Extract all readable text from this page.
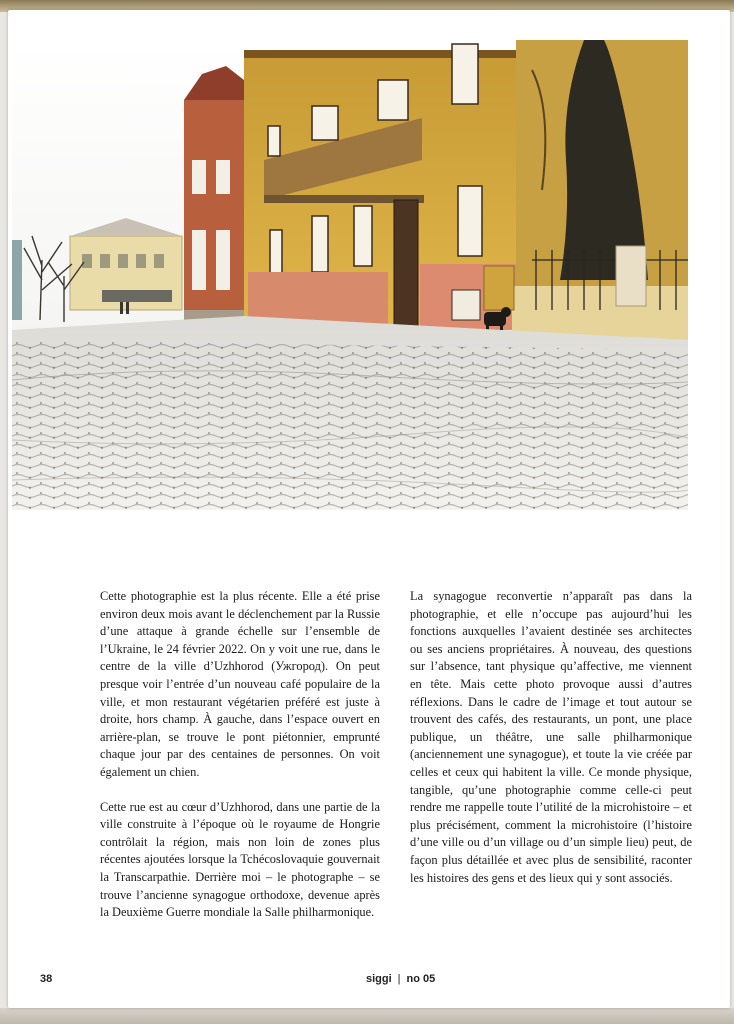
Cette photographie est la plus récente. Elle a été prise environ deux mois avant le déclenchement par la Russie d’une attaque à grande échelle sur l’ensemble de l’Ukraine, le 24 février 2022. On y voit une rue, dans le centre de la ville d’Uzhhorod (Ужгород). On peut presque voir l’entrée d’un nouveau café populaire de la ville, et mon restaurant végétarien préféré est juste à droite, hors champ. À gauche, dans l’espace ouvert en arrière-plan, se trouve le pont piétonnier, emprunté chaque jour par des centaines de personnes. On voit également un chien.

Cette rue est au cœur d’Uzhhorod, dans une partie de la ville construite à l’époque où le royaume de Hongrie contrôlait la région, mais non loin de zones plus récentes ajoutées lorsque la Tchécoslovaquie gouvernait la Transcarpathie. Derrière moi – le photographe – se trouve l’ancienne synagogue orthodoxe, devenue après la Deuxième Guerre mondiale la Salle philharmonique.

La synagogue reconvertie n’apparaît pas dans la photographie, et elle n’occupe pas aujourd’hui les fonctions auxquelles l’avaient destinée ses architectes ou ses anciens propriétaires. À nouveau, des questions sur l’absence, tant physique qu’affective, me viennent en tête. Mais cette photo provoque aussi d’autres réflexions. Dans le cadre de l’image et tout autour se trouvent des cafés, des restaurants, un pont, une place publique, un théâtre, une salle philharmonique (anciennement une synagogue), et toute la vie créée par celles et ceux qui habitent la ville. Ce monde physique, tangible, qu’une photographie comme celle-ci peut rendre me rappelle toute l’utilité de la microhistoire – et plus précisément, comment la microhistoire (l’histoire d’une ville ou d’un village ou d’un simple lieu) peut, de façon plus détaillée et avec plus de sensibilité, raconter les histoires des gens et des lieux qui y sont associés.

38	siggi | no 05
